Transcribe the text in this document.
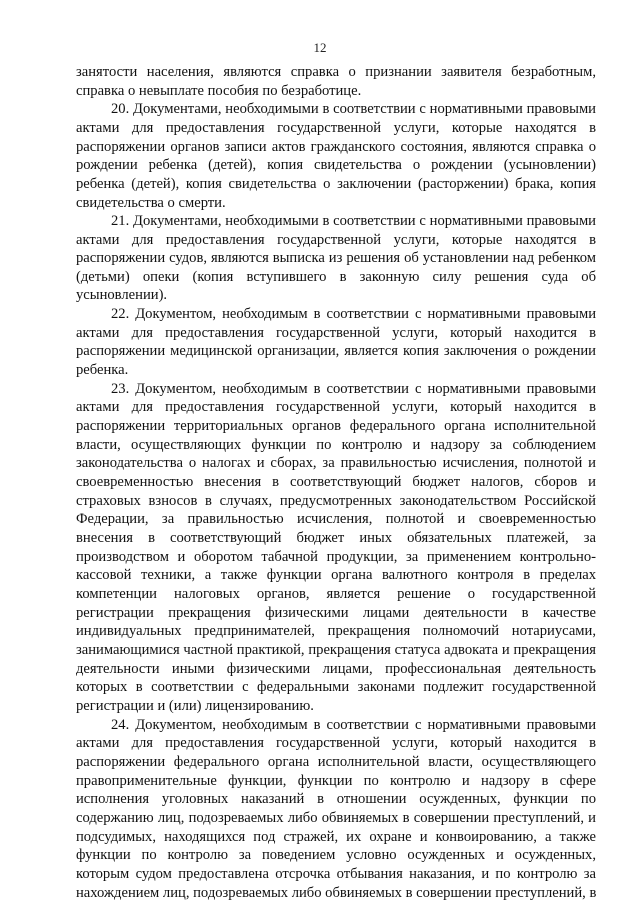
12
занятости населения, являются справка о признании заявителя безработным,
справка о невыплате пособия по безработице.
20. Документами, необходимыми в соответствии с нормативными правовыми
актами для предоставления государственной услуги, которые находятся в
распоряжении органов записи актов гражданского состояния, являются справка о
рождении ребенка (детей), копия свидетельства о рождении (усыновлении)
ребенка (детей), копия свидетельства о заключении (расторжении) брака, копия
свидетельства о смерти.
21. Документами, необходимыми в соответствии с нормативными правовыми
актами для предоставления государственной услуги, которые находятся в
распоряжении судов, являются выписка из решения об установлении над ребенком
(детьми) опеки (копия вступившего в законную силу решения суда об
усыновлении).
22. Документом, необходимым в соответствии с нормативными правовыми
актами для предоставления государственной услуги, который находится в
распоряжении медицинской организации, является копия заключения о рождении
ребенка.
23. Документом, необходимым в соответствии с нормативными правовыми
актами для предоставления государственной услуги, который находится в
распоряжении территориальных органов федерального органа исполнительной
власти, осуществляющих функции по контролю и надзору за соблюдением
законодательства о налогах и сборах, за правильностью исчисления, полнотой и
своевременностью внесения в соответствующий бюджет налогов, сборов и
страховых взносов в случаях, предусмотренных законодательством Российской
Федерации, за правильностью исчисления, полнотой и своевременностью
внесения в соответствующий бюджет иных обязательных платежей, за
производством и оборотом табачной продукции, за применением контрольно-
кассовой техники, а также функции органа валютного контроля в пределах
компетенции налоговых органов, является решение о государственной
регистрации прекращения физическими лицами деятельности в качестве
индивидуальных предпринимателей, прекращения полномочий нотариусами,
занимающимися частной практикой, прекращения статуса адвоката и прекращения
деятельности иными физическими лицами, профессиональная деятельность
которых в соответствии с федеральными законами подлежит государственной
регистрации и (или) лицензированию.
24. Документом, необходимым в соответствии с нормативными правовыми
актами для предоставления государственной услуги, который находится в
распоряжении федерального органа исполнительной власти, осуществляющего
правоприменительные функции, функции по контролю и надзору в сфере
исполнения уголовных наказаний в отношении осужденных, функции по
содержанию лиц, подозреваемых либо обвиняемых в совершении преступлений, и
подсудимых, находящихся под стражей, их охране и конвоированию, а также
функции по контролю за поведением условно осужденных и осужденных,
которым судом предоставлена отсрочка отбывания наказания, и по контролю за
нахождением лиц, подозреваемых либо обвиняемых в совершении преступлений, в
